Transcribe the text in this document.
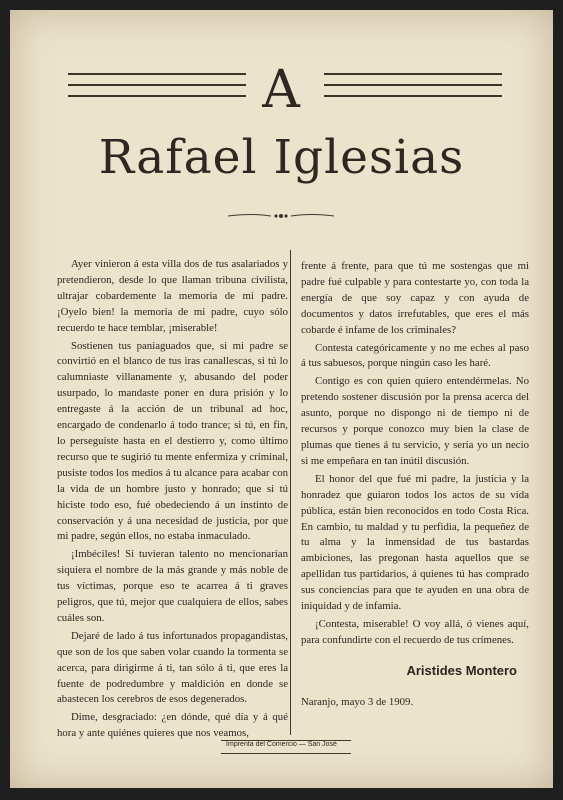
A
Rafael Iglesias

Ayer vinieron á esta villa dos de tus asalariados y pretendieron, desde lo que llaman tribuna civilista, ultrajar cobardemente la memoria de mi padre. ¡Oyelo bien! la memoria de mi padre, cuyo sólo recuerdo te hace temblar, ¡miserable!

Sostienen tus paniaguados que, si mi padre se convirtió en el blanco de tus iras canallescas, si tú lo calumniaste villanamente y, abusando del poder usurpado, lo mandaste poner en dura prisión y lo entregaste á la acción de un tribunal ad hoc, encargado de condenarlo á todo trance; si tú, en fin, lo perseguiste hasta en el destierro y, como último recurso que te sugirió tu mente enfermiza y criminal, pusiste todos los medios á tu alcance para acabar con la vida de un hombre justo y honrado; que si tú hiciste todo eso, fué obedeciendo á un instinto de conservación y á una necesidad de justicia, por que mi padre, según ellos, no estaba inmaculado.

¡Imbéciles! Si tuvieran talento no mencionarían siquiera el nombre de la más grande y más noble de tus víctimas, porque eso te acarrea á ti graves peligros, que tú, mejor que cualquiera de ellos, sabes cuáles son.

Dejaré de lado á tus infortunados propagandistas, que son de los que saben volar cuando la tormenta se acerca, para dirigirme á ti, tan sólo á ti, que eres la fuente de podredumbre y maldición en donde se abastecen los cerebros de esos degenerados.

Dime, desgraciado: ¿en dónde, qué día y á qué hora y ante quiénes quieres que nos veamos,

frente á frente, para que tú me sostengas que mi padre fué culpable y para contestarte yo, con toda la energía de que soy capaz y con ayuda de documentos y datos irrefutables, que eres el más cobarde é infame de los criminales?

Contesta categóricamente y no me eches al paso á tus sabuesos, porque ningún caso les haré.

Contigo es con quien quiero entendérmelas. No pretendo sostener discusión por la prensa acerca del asunto, porque no dispongo ni de tiempo ni de recursos y porque conozco muy bien la clase de plumas que tienes á tu servicio, y sería yo un necio si me empeñara en tan inútil discusión.

El honor del que fué mi padre, la justicia y la honradez que guiaron todos los actos de su vida pública, están bien reconocidos en todo Costa Rica. En cambio, tu maldad y tu perfidia, la pequeñez de tu alma y la inmensidad de tus bastardas ambiciones, las pregonan hasta aquellos que se apellidan tus partidarios, á quienes tú has comprado sus conciencias para que te ayuden en una obra de iniquidad y de infamia.

¡Contesta, miserable! O voy allá, ó vienes aquí, para confundirte con el recuerdo de tus crímenes.

Aristides Montero

Naranjo, mayo 3 de 1909.

Imprenta del Comercio — San José
